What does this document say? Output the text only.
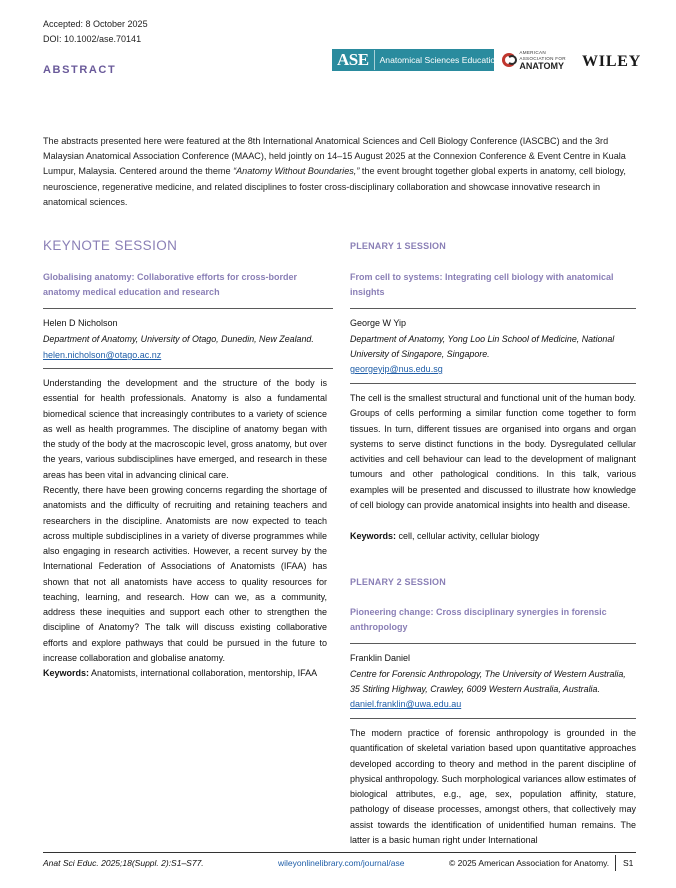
Accepted: 8 October 2025
DOI: 10.1002/ase.70141
ABSTRACT
ASE	Anatomical Sciences Education
AMERICAN ASSOCIATION FOR
ANATOMY	WILEY
The abstracts presented here were featured at the 8th International Anatomical Sciences and Cell Biology Conference (IASCBC) and the 3rd Malaysian Anatomical Association Conference (MAAC), held jointly on 14–15 August 2025 at the Connexion Conference & Event Centre in Kuala Lumpur, Malaysia. Centered around the theme “Anatomy Without Boundaries,” the event brought together global experts in anatomy, cell biology, neuroscience, regenerative medicine, and related disciplines to foster cross-disciplinary collaboration and showcase innovative research in anatomical sciences.
KEYNOTE SESSION
Globalising anatomy: Collaborative efforts for cross-border anatomy medical education and research
Helen D Nicholson
Department of Anatomy, University of Otago, Dunedin, New Zealand.
helen.nicholson@otago.ac.nz
Understanding the development and the structure of the body is essential for health professionals. Anatomy is also a fundamental biomedical science that increasingly contributes to a variety of science as well as health programmes. The discipline of anatomy began with the study of the body at the macroscopic level, gross anatomy, but over the years, various subdisciplines have emerged, and research in these areas has been vital in advancing clinical care.
Recently, there have been growing concerns regarding the shortage of anatomists and the difficulty of recruiting and retaining teachers and researchers in the discipline. Anatomists are now expected to teach across multiple subdisciplines in a variety of diverse programmes while also engaging in research activities. However, a recent survey by the International Federation of Associations of Anatomists (IFAA) has shown that not all anatomists have access to quality resources for teaching, learning, and research. How can we, as a community, address these inequities and support each other to strengthen the discipline of Anatomy? The talk will discuss existing collaborative efforts and explore pathways that could be pursued in the future to increase collaboration and globalise anatomy.
Keywords: Anatomists, international collaboration, mentorship, IFAA
PLENARY 1 SESSION
From cell to systems: Integrating cell biology with anatomical insights
George W Yip
Department of Anatomy, Yong Loo Lin School of Medicine, National University of Singapore, Singapore.
georgeyip@nus.edu.sg
The cell is the smallest structural and functional unit of the human body. Groups of cells performing a similar function come together to form tissues. In turn, different tissues are organised into organs and organ systems to serve distinct functions in the body. Dysregulated cellular activities and cell behaviour can lead to the development of malignant tumours and other pathological conditions. In this talk, various examples will be presented and discussed to illustrate how knowledge of cell biology can provide anatomical insights into health and disease.
Keywords: cell, cellular activity, cellular biology
PLENARY 2 SESSION
Pioneering change: Cross disciplinary synergies in forensic anthropology
Franklin Daniel
Centre for Forensic Anthropology, The University of Western Australia, 35 Stirling Highway, Crawley, 6009 Western Australia, Australia.
daniel.franklin@uwa.edu.au
The modern practice of forensic anthropology is grounded in the quantification of skeletal variation based upon quantitative approaches developed according to theory and method in the parent discipline of physical anthropology. Such morphological variances allow estimates of biological attributes, e.g., age, sex, population affinity, stature, pathology of disease processes, amongst others, that collectively may assist towards the identification of unidentified human remains. The latter is a basic human right under International
Anat Sci Educ. 2025;18(Suppl. 2):S1–S77.	wileyonlinelibrary.com/journal/ase	© 2025 American Association for Anatomy. S1
